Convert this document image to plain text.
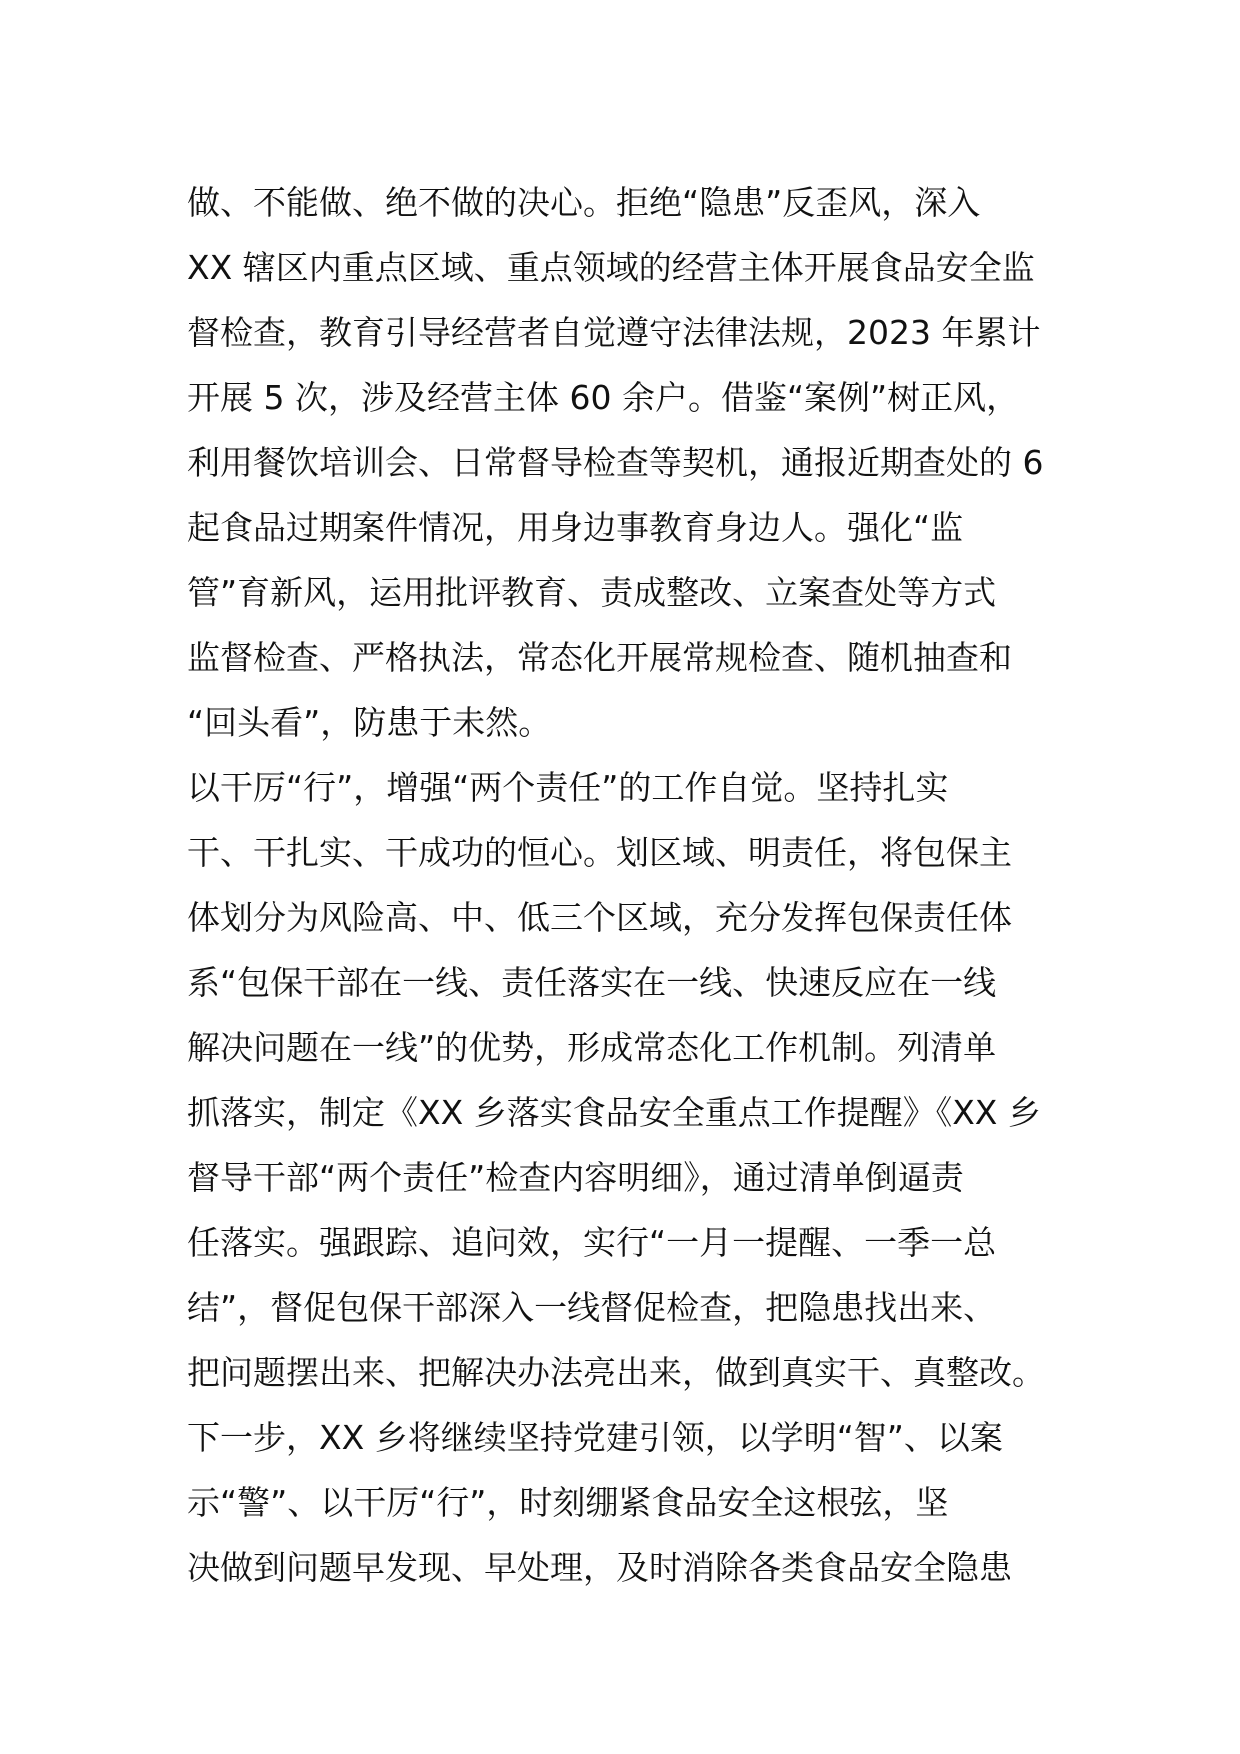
做、不能做、绝不做的决心。拒绝“隐患”反歪风，深入
XX 辖区内重点区域、重点领域的经营主体开展食品安全监
督检查，教育引导经营者自觉遵守法律法规，2023 年累计
开展 5 次，涉及经营主体 60 余户。借鉴“案例”树正风，
利用餐饮培训会、日常督导检查等契机，通报近期查处的 6
起食品过期案件情况，用身边事教育身边人。强化“监
管”育新风，运用批评教育、责成整改、立案查处等方式
监督检查、严格执法，常态化开展常规检查、随机抽查和
“回头看”，防患于未然。
以干厉“行”，增强“两个责任”的工作自觉。坚持扎实
干、干扎实、干成功的恒心。划区域、明责任，将包保主
体划分为风险高、中、低三个区域，充分发挥包保责任体
系“包保干部在一线、责任落实在一线、快速反应在一线
解决问题在一线”的优势，形成常态化工作机制。列清单
抓落实，制定《XX 乡落实食品安全重点工作提醒》《XX 乡
督导干部“两个责任”检查内容明细》，通过清单倒逼责
任落实。强跟踪、追问效，实行“一月一提醒、一季一总
结”，督促包保干部深入一线督促检查，把隐患找出来、
把问题摆出来、把解决办法亮出来，做到真实干、真整改。
下一步，XX 乡将继续坚持党建引领，以学明“智”、以案
示“警”、以干厉“行”，时刻绷紧食品安全这根弦，坚
决做到问题早发现、早处理，及时消除各类食品安全隐患
